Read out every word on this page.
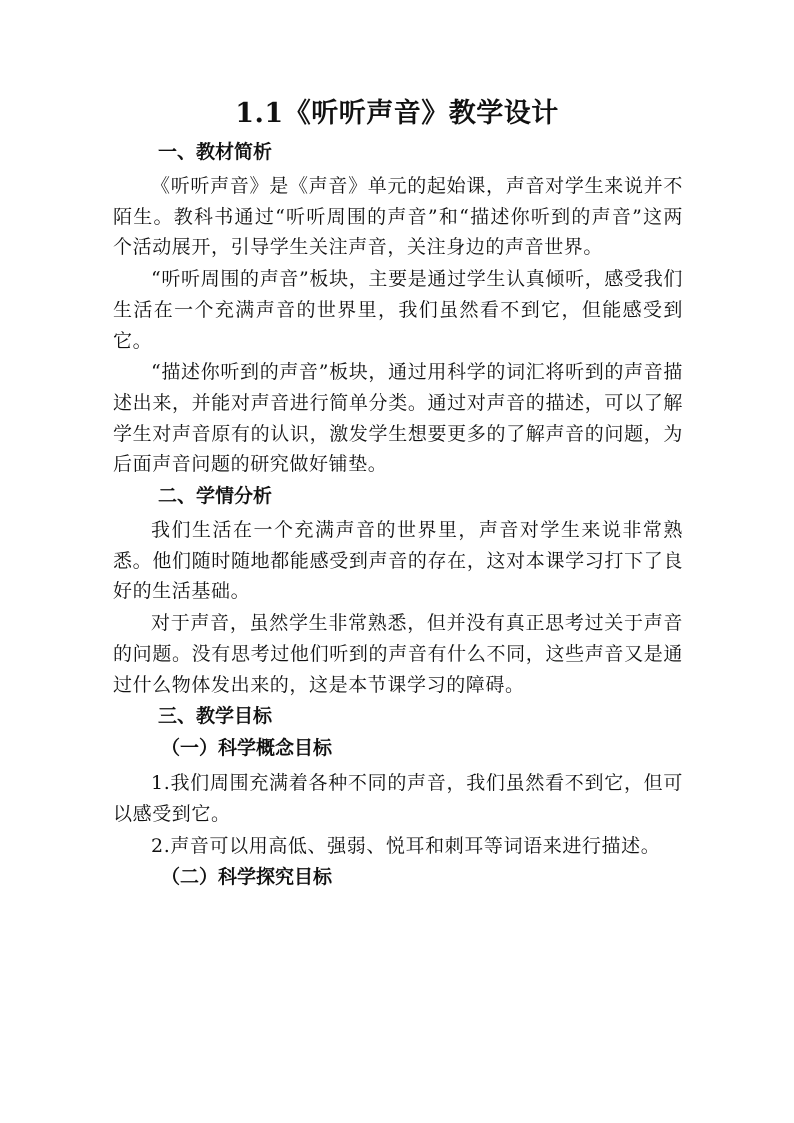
1.1《听听声音》教学设计
一、教材简析

《听听声音》是《声音》单元的起始课，声音对学生来说并不陌生。教科书通过“听听周围的声音”和“描述你听到的声音”这两个活动展开，引导学生关注声音，关注身边的声音世界。

“听听周围的声音”板块，主要是通过学生认真倾听，感受我们生活在一个充满声音的世界里，我们虽然看不到它，但能感受到它。

“描述你听到的声音”板块，通过用科学的词汇将听到的声音描述出来，并能对声音进行简单分类。通过对声音的描述，可以了解学生对声音原有的认识，激发学生想要更多的了解声音的问题，为后面声音问题的研究做好铺垫。

二、学情分析

我们生活在一个充满声音的世界里，声音对学生来说非常熟悉。他们随时随地都能感受到声音的存在，这对本课学习打下了良好的生活基础。

对于声音，虽然学生非常熟悉，但并没有真正思考过关于声音的问题。没有思考过他们听到的声音有什么不同，这些声音又是通过什么物体发出来的，这是本节课学习的障碍。

三、教学目标
（一）科学概念目标

1.我们周围充满着各种不同的声音，我们虽然看不到它，但可以感受到它。

2.声音可以用高低、强弱、悦耳和刺耳等词语来进行描述。

（二）科学探究目标
